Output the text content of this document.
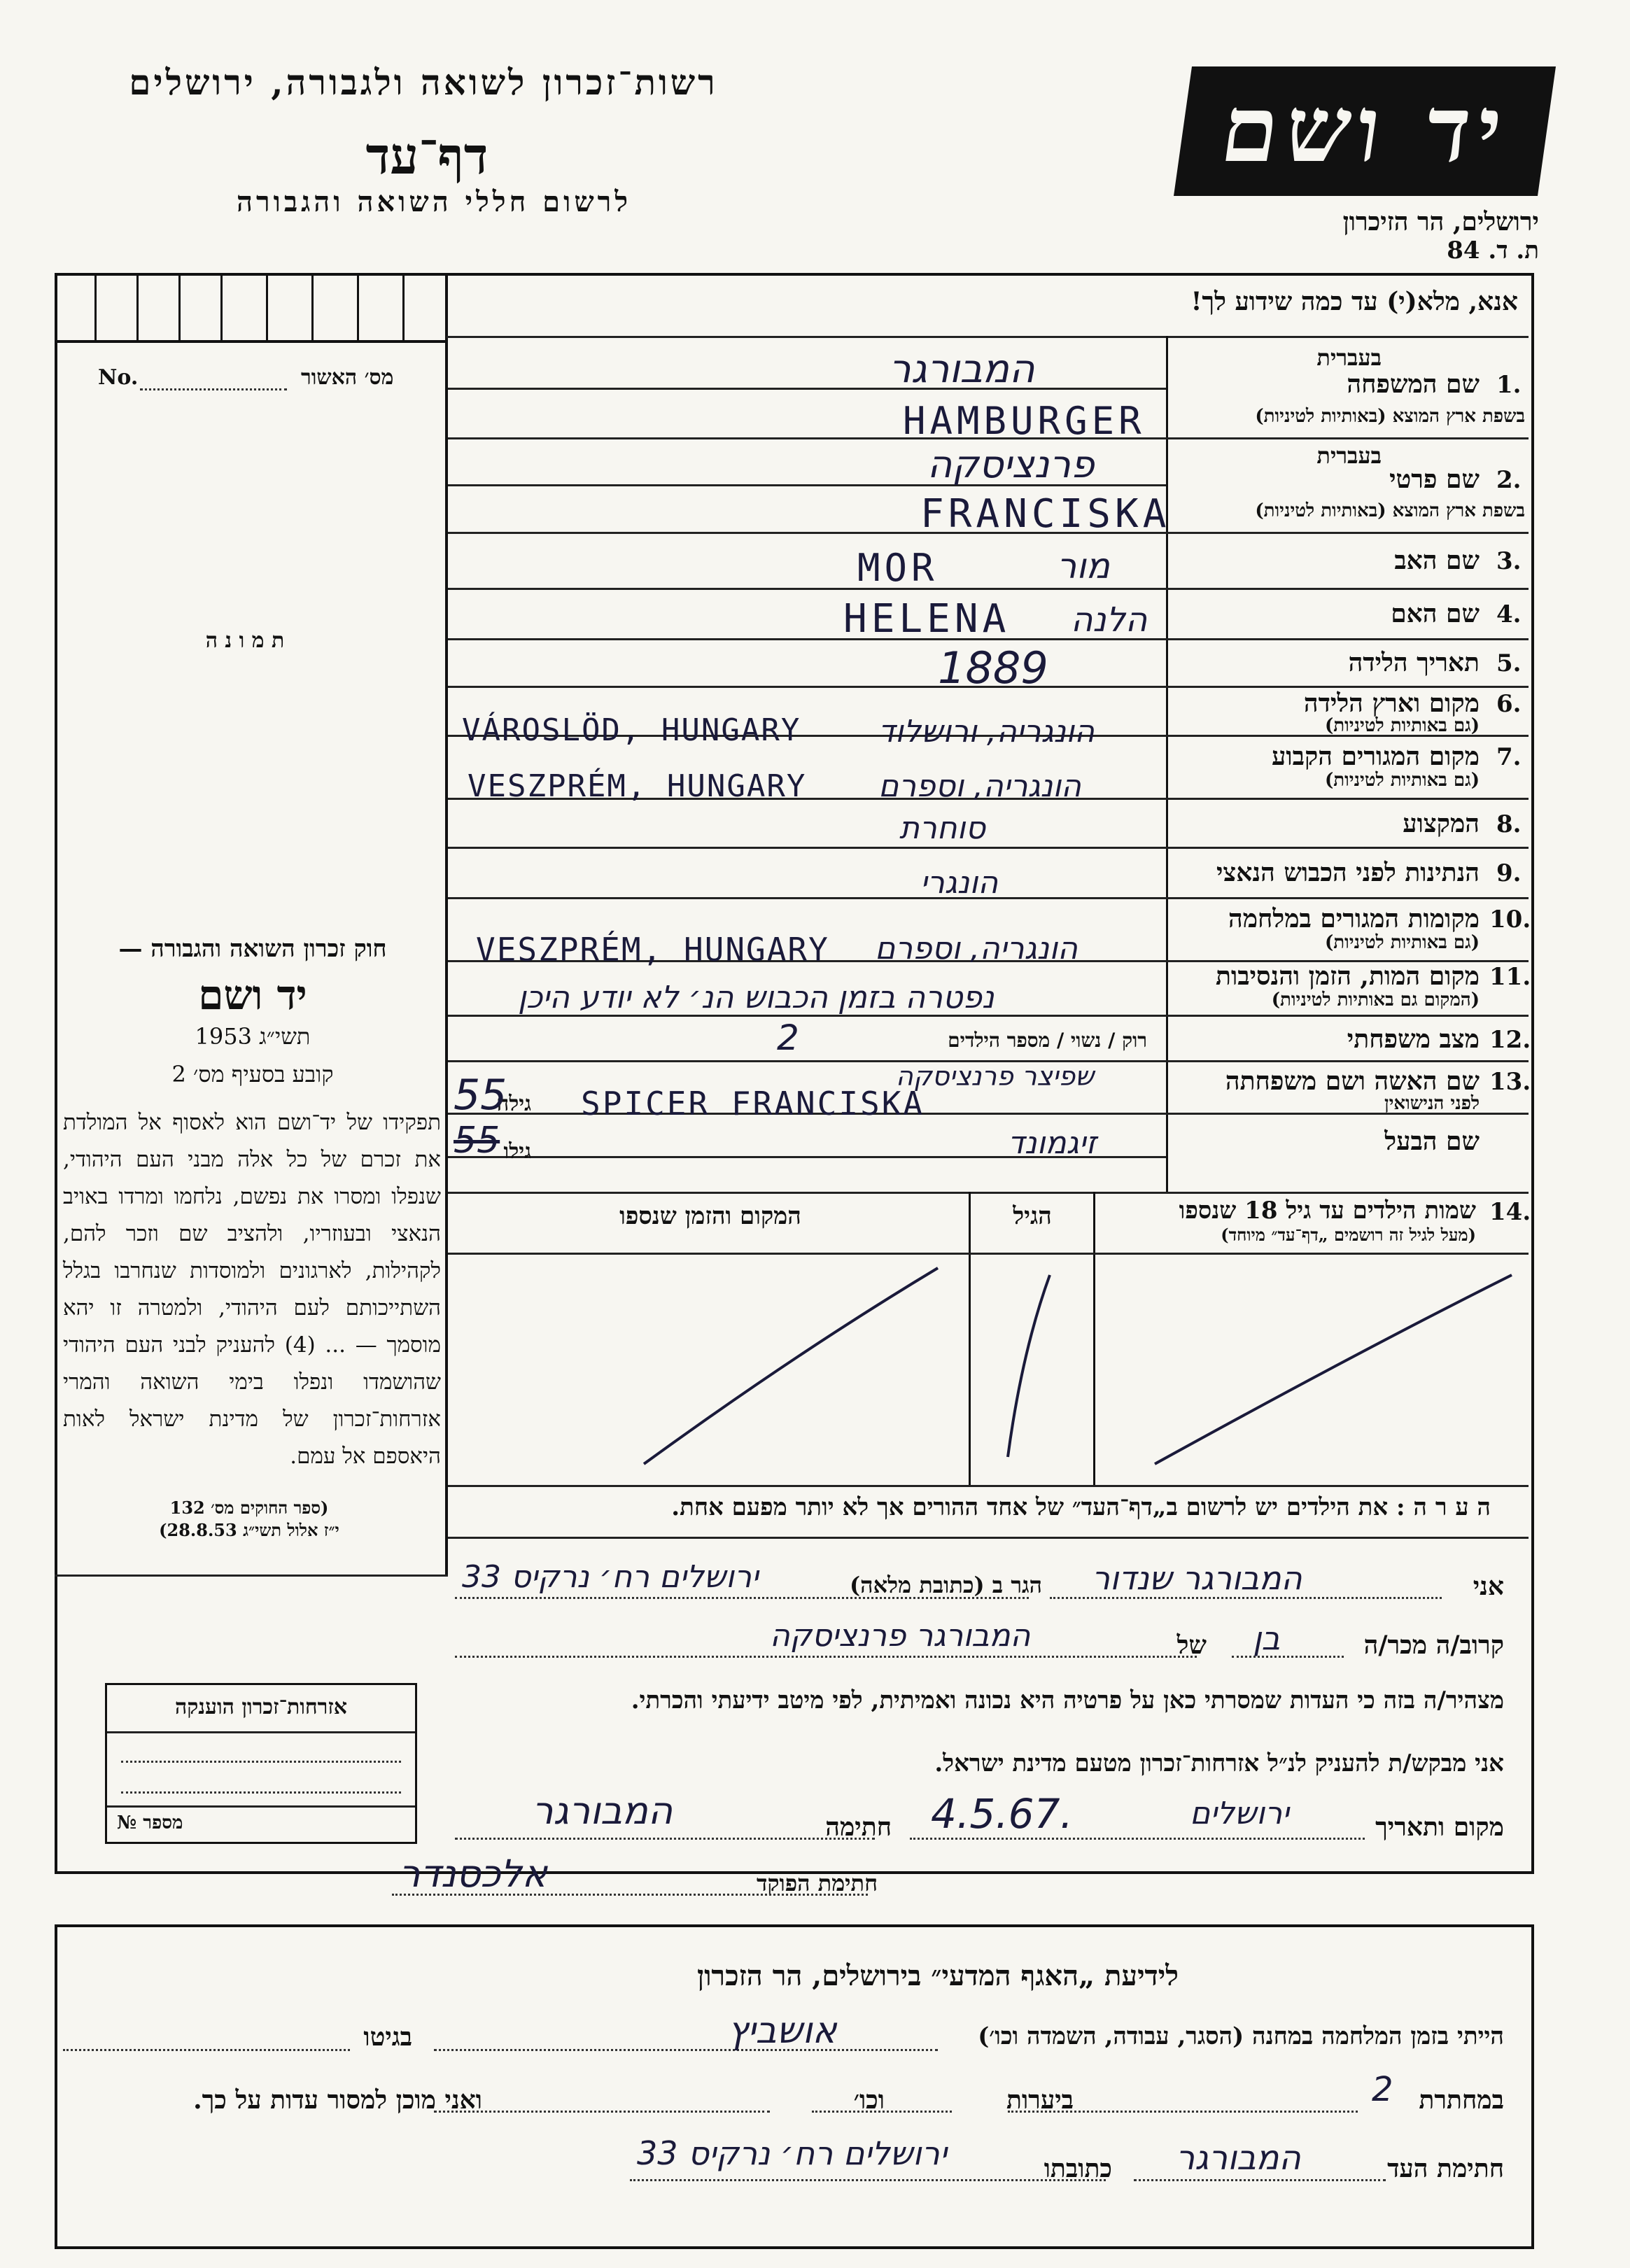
רשות־זכרון לשואה ולגבורה, ירושלים
דף־עד
לרשום חללי השואה והגבורה
יד ושם
ירושלים, הר הזיכרון
ת. ד. 84
אנא, מלא(י) עד כמה שידוע לך!
No.	מס׳ האשור
ת מ ו נ ה
חוק זכרון השואה והגבורה —
יד ושם
תשי״ג 1953
קובע בסעיף מס׳ 2
תפקידו של יד־ושם הוא לאסוף אל המולדת את זכרם של כל אלה מבני העם היהודי, שנפלו ומסרו את נפשם, נלחמו ומרדו באויב הנאצי ובעוזריו, ולהציב שם וזכר להם, לקהילות, לארגונים ולמוסדות שנחרבו בגלל השתייכותם לעם היהודי, ולמטרה זו יהא מוסמך — ... (4) להעניק לבני העם היהודי שהושמדו ונפלו בימי השואה והמרי אזרחות־זכרון של מדינת ישראל לאות היאספם אל עמם.
(ספר החוקים מס׳ 132
י״ז אלול תשי״ג 28.8.53)
אזרחות־זכרון הוענקה
מספר №
1.
שם המשפחה
בעברית
בשפת ארץ המוצא (באותיות לטיניות)
המבורגר
HAMBURGER
2.
שם פרטי
בעברית
בשפת ארץ המוצא (באותיות לטיניות)
פרנציסקה
FRANCISKA
3.
שם האב
MOR	מור
4.
שם האם
HELENA הלנה
5.
תאריך הלידה
1889
6.
מקום וארץ הלידה
(גם באותיות לטיניות)
VÁROSLÖD, HUNGARY	הונגריה, ורושלוד
7.
מקום המגורים הקבוע
(גם באותיות לטיניות)
VESZPRÉM, HUNGARY הונגריה, וספרם
8.
המקצוע
סוחרת
9.
הנתינות לפני הכבוש הנאצי
הונגרי
10.
מקומות המגורים במלחמה
(גם באותיות לטיניות)
VESZPRÉM, HUNGARY הונגריה, וספרם
11.
מקום המות, הזמן והנסיבות
(המקום גם באותיות לטיניות)
נפטרה בזמן הכבוש הנ׳ לא יודע היכן
12.
מצב משפחתי
רוק / נשוי / מספר הילדים
2
13.
שם האשה ושם משפחתה
לפני הנישואין
שפיצר פרנציסקה
SPICER FRANCISKA
גילה
55
שם הבעל
זיגמונד
גילו
55
14.
שמות הילדים עד גיל 18 שנספו
(מעל לגיל זה רושמים „דף־עד״ מיוחד)
הגיל
המקום והזמן שנספו
ה ע ר ה : את הילדים יש לרשום ב„דף־העד״ של אחד ההורים אך לא יותר מפעם אחת.
אני
המבורגר שנדור
הגר ב (כתובת מלאה)
ירושלים רח׳ נרקיס 33
קרוב/ה מכר/ה
בן
של
המבורגר פרנציסקה
מצהיר/ה בזה כי העדות שמסרתי כאן על פרטיה היא נכונה ואמיתית, לפי מיטב ידיעתי והכרתי.
אני מבקש/ת להעניק לנ״ל אזרחות־זכרון מטעם מדינת ישראל.
מקום ותאריך
ירושלים
4.5.67.
חתימה
המבורגר
חתימת הפוקד
אלכסנדר
לידיעת „האגף המדעי״ בירושלים, הר הזכרון
הייתי בזמן המלחמה במחנה (הסגר, עבודה, השמדה וכו׳)
אושביץ
בגיטו
במחתרת
2
ביערות
וכו׳
ואני מוכן למסור עדות על כך.
חתימת העד
המבורגר
כתובתו
ירושלים רח׳ נרקיס 33
